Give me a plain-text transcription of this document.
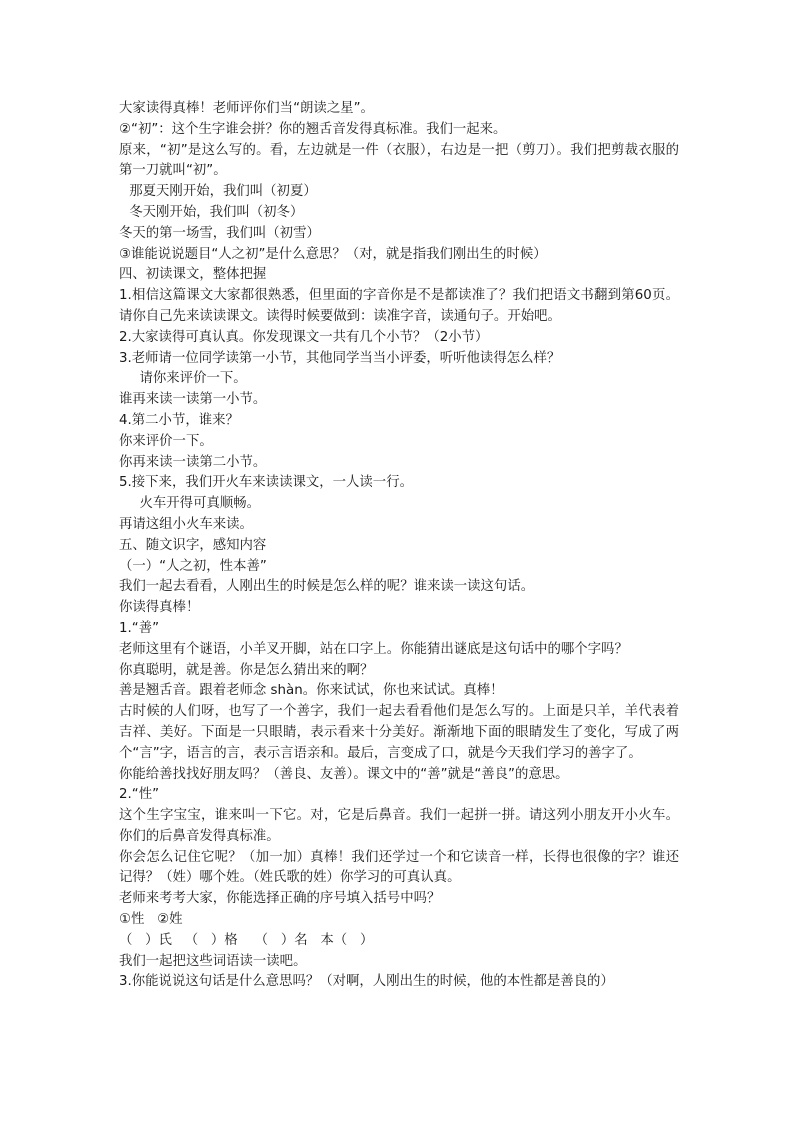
大家读得真棒！老师评你们当“朗读之星”。
②“初”：这个生字谁会拼？你的翘舌音发得真标准。我们一起来。
原来，“初”是这么写的。看，左边就是一件（衣服），右边是一把（剪刀）。我们把剪裁衣服的第一刀就叫“初”。
那夏天刚开始，我们叫（初夏）
冬天刚开始，我们叫（初冬）
冬天的第一场雪，我们叫（初雪）
③谁能说说题目“人之初”是什么意思？（对，就是指我们刚出生的时候）
四、初读课文，整体把握
1.相信这篇课文大家都很熟悉，但里面的字音你是不是都读准了？我们把语文书翻到第60页。请你自己先来读读课文。读得时候要做到：读准字音，读通句子。开始吧。
2.大家读得可真认真。你发现课文一共有几个小节？（2小节）
3.老师请一位同学读第一小节，其他同学当当小评委，听听他读得怎么样？
请你来评价一下。
谁再来读一读第一小节。
4.第二小节，谁来？
你来评价一下。
你再来读一读第二小节。
5.接下来，我们开火车来读读课文，一人读一行。
火车开得可真顺畅。
再请这组小火车来读。
五、随文识字，感知内容
（一）“人之初，性本善”
我们一起去看看，人刚出生的时候是怎么样的呢？谁来读一读这句话。
你读得真棒！
1.“善”
老师这里有个谜语，小羊叉开脚，站在口字上。你能猜出谜底是这句话中的哪个字吗？
你真聪明，就是善。你是怎么猜出来的啊？
善是翘舌音。跟着老师念 shàn。你来试试，你也来试试。真棒！
古时候的人们呀，也写了一个善字，我们一起去看看他们是怎么写的。上面是只羊，羊代表着吉祥、美好。下面是一只眼睛，表示看来十分美好。渐渐地下面的眼睛发生了变化，写成了两个“言”字，语言的言，表示言语亲和。最后，言变成了口，就是今天我们学习的善字了。
你能给善找找好朋友吗？（善良、友善）。课文中的“善”就是“善良”的意思。
2.“性”
这个生字宝宝，谁来叫一下它。对，它是后鼻音。我们一起拼一拼。请这列小朋友开小火车。你们的后鼻音发得真标准。
你会怎么记住它呢？（加一加）真棒！我们还学过一个和它读音一样，长得也很像的字？谁还记得？（姓）哪个姓。（姓氏歌的姓）你学习的可真认真。
老师来考考大家，你能选择正确的序号填入括号中吗？
①性   ②姓
（   ）氏   （   ）格    （   ）名   本（   ）
我们一起把这些词语读一读吧。
3.你能说说这句话是什么意思吗？（对啊，人刚出生的时候，他的本性都是善良的）
